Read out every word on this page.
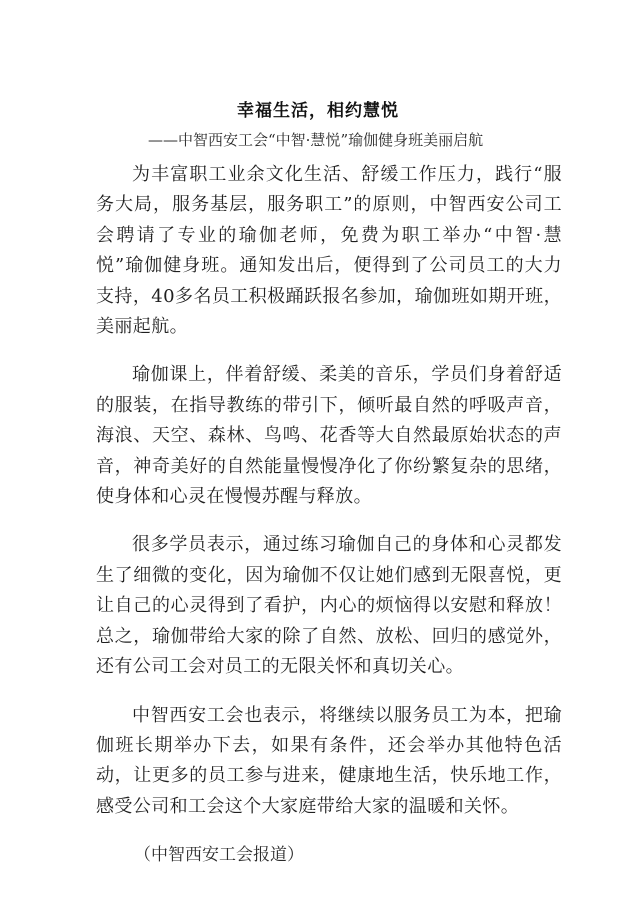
幸福生活，相约慧悦
——中智西安工会“中智·慧悦”瑜伽健身班美丽启航

为丰富职工业余文化生活、舒缓工作压力，践行“服务大局，服务基层，服务职工”的原则，中智西安公司工会聘请了专业的瑜伽老师，免费为职工举办“中智·慧悦”瑜伽健身班。通知发出后，便得到了公司员工的大力支持，40多名员工积极踊跃报名参加，瑜伽班如期开班，美丽起航。

瑜伽课上，伴着舒缓、柔美的音乐，学员们身着舒适的服装，在指导教练的带引下，倾听最自然的呼吸声音，海浪、天空、森林、鸟鸣、花香等大自然最原始状态的声音，神奇美好的自然能量慢慢净化了你纷繁复杂的思绪，使身体和心灵在慢慢苏醒与释放。

很多学员表示，通过练习瑜伽自己的身体和心灵都发生了细微的变化，因为瑜伽不仅让她们感到无限喜悦，更让自己的心灵得到了看护，内心的烦恼得以安慰和释放！总之，瑜伽带给大家的除了自然、放松、回归的感觉外，还有公司工会对员工的无限关怀和真切关心。

中智西安工会也表示，将继续以服务员工为本，把瑜伽班长期举办下去，如果有条件，还会举办其他特色活动，让更多的员工参与进来，健康地生活，快乐地工作，感受公司和工会这个大家庭带给大家的温暖和关怀。

（中智西安工会报道）
